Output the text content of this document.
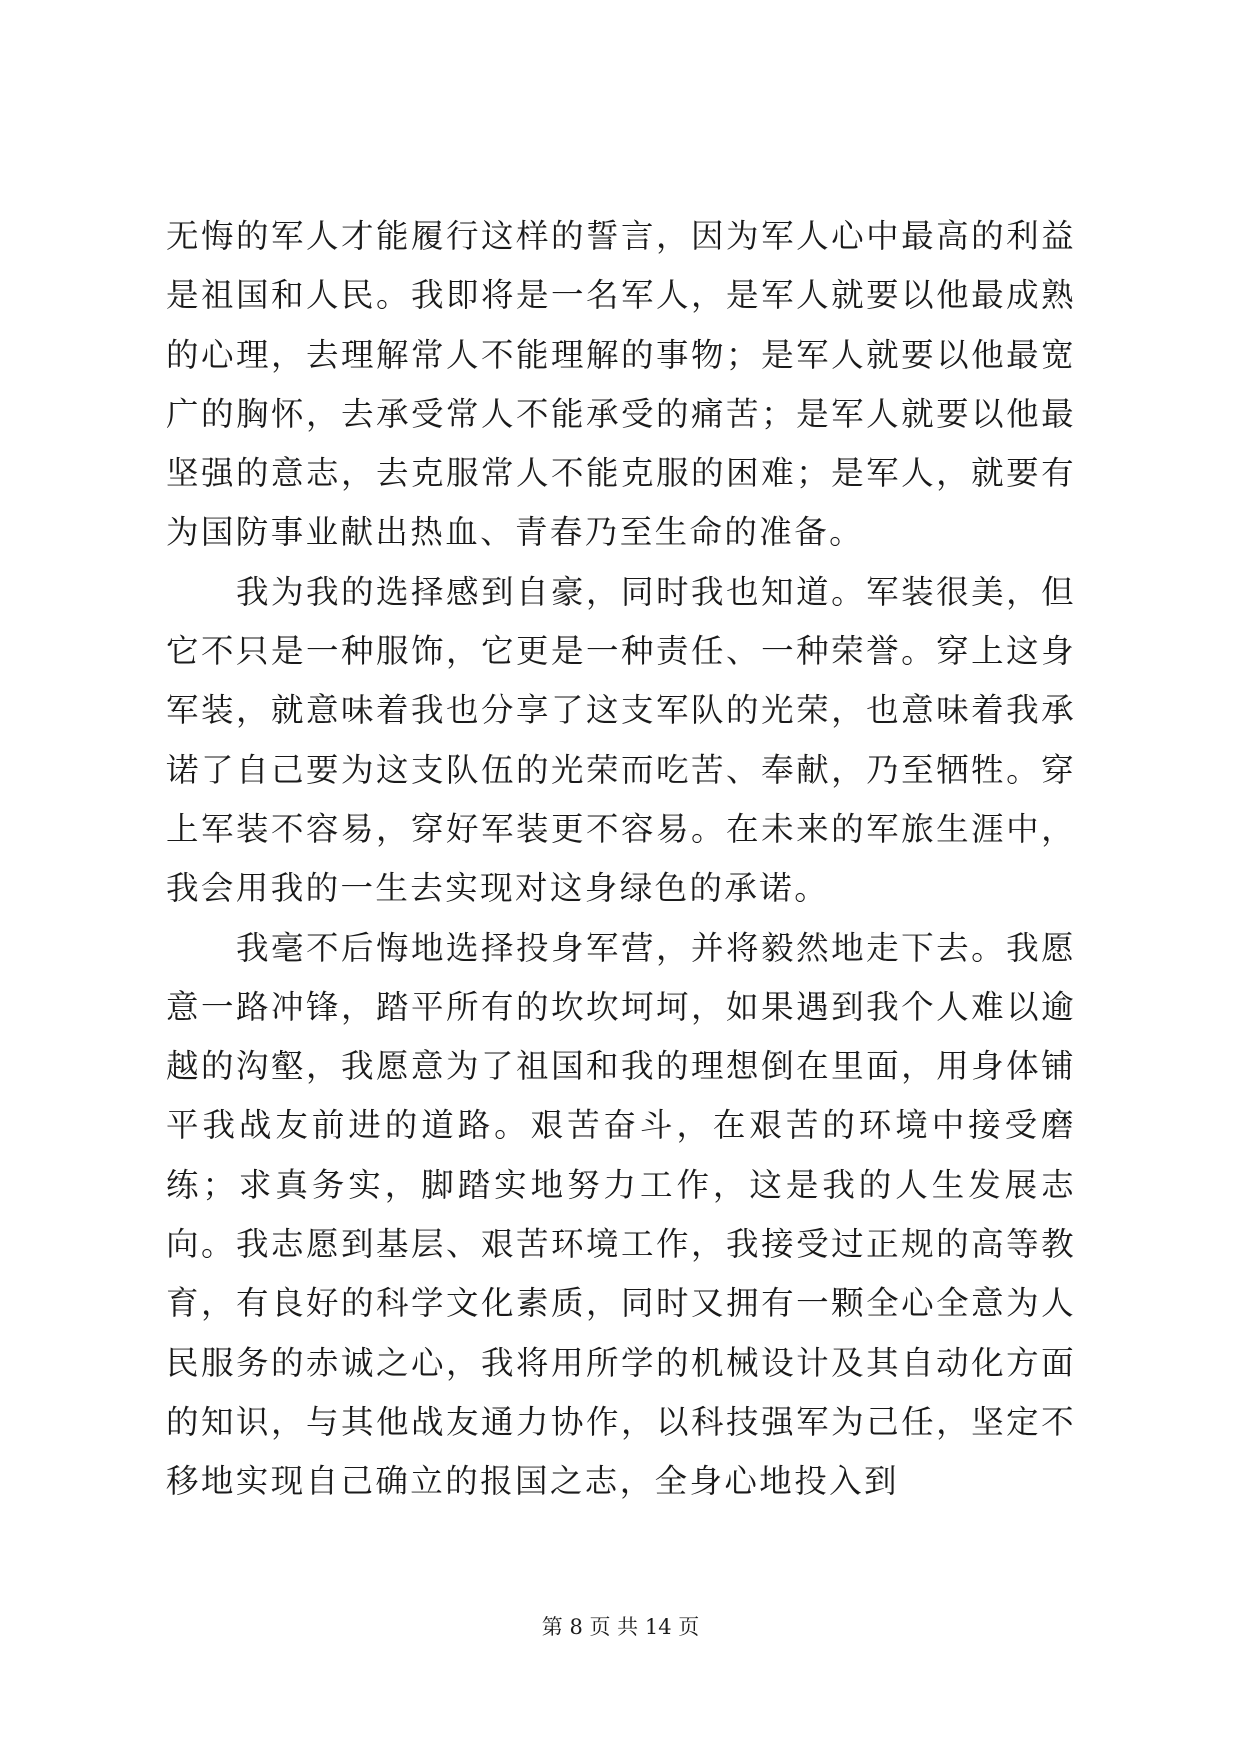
无悔的军人才能履行这样的誓言，因为军人心中最高的利益是祖国和人民。我即将是一名军人，是军人就要以他最成熟的心理，去理解常人不能理解的事物；是军人就要以他最宽广的胸怀，去承受常人不能承受的痛苦；是军人就要以他最坚强的意志，去克服常人不能克服的困难；是军人，就要有为国防事业献出热血、青春乃至生命的准备。

我为我的选择感到自豪，同时我也知道。军装很美，但它不只是一种服饰，它更是一种责任、一种荣誉。穿上这身军装，就意味着我也分享了这支军队的光荣，也意味着我承诺了自己要为这支队伍的光荣而吃苦、奉献，乃至牺牲。穿上军装不容易，穿好军装更不容易。在未来的军旅生涯中，我会用我的一生去实现对这身绿色的承诺。

我毫不后悔地选择投身军营，并将毅然地走下去。我愿意一路冲锋，踏平所有的坎坎坷坷，如果遇到我个人难以逾越的沟壑，我愿意为了祖国和我的理想倒在里面，用身体铺平我战友前进的道路。艰苦奋斗，在艰苦的环境中接受磨练；求真务实，脚踏实地努力工作，这是我的人生发展志向。我志愿到基层、艰苦环境工作，我接受过正规的高等教育，有良好的科学文化素质，同时又拥有一颗全心全意为人民服务的赤诚之心，我将用所学的机械设计及其自动化方面的知识，与其他战友通力协作，以科技强军为己任，坚定不移地实现自己确立的报国之志，全身心地投入到

第 8 页 共 14 页
